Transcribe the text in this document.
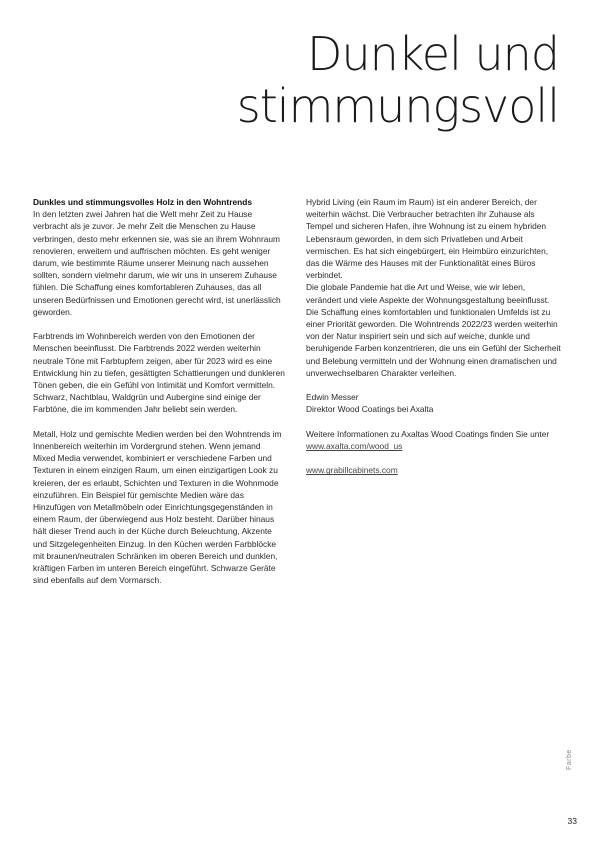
Dunkel und
stimmungsvoll

Dunkles und stimmungsvolles Holz in den Wohntrends

In den letzten zwei Jahren hat die Welt mehr Zeit zu Hause verbracht als je zuvor. Je mehr Zeit die Menschen zu Hause verbringen, desto mehr erkennen sie, was sie an ihrem Wohnraum renovieren, erweitern und auffrischen möchten. Es geht weniger darum, wie bestimmte Räume unserer Meinung nach aussehen sollten, sondern vielmehr darum, wie wir uns in unserem Zuhause fühlen. Die Schaffung eines komfortableren Zuhauses, das all unseren Bedürfnissen und Emotionen gerecht wird, ist unerlässlich geworden.

Farbtrends im Wohnbereich werden von den Emotionen der Menschen beeinflusst. Die Farbtrends 2022 werden weiterhin neutrale Töne mit Farbtupfern zeigen, aber für 2023 wird es eine Entwicklung hin zu tiefen, gesättigten Schattierungen und dunkleren Tönen geben, die ein Gefühl von Intimität und Komfort vermitteln. Schwarz, Nachtblau, Waldgrün und Aubergine sind einige der Farbtöne, die im kommenden Jahr beliebt sein werden.

Metall, Holz und gemischte Medien werden bei den Wohntrends im Innenbereich weiterhin im Vordergrund stehen. Wenn jemand Mixed Media verwendet, kombiniert er verschiedene Farben und Texturen in einem einzigen Raum, um einen einzigartigen Look zu kreieren, der es erlaubt, Schichten und Texturen in die Wohnmode einzuführen. Ein Beispiel für gemischte Medien wäre das Hinzufügen von Metallmöbeln oder Einrichtungsgegenständen in einem Raum, der überwiegend aus Holz besteht. Darüber hinaus hält dieser Trend auch in der Küche durch Beleuchtung, Akzente und Sitzgelegenheiten Einzug. In den Küchen werden Farbblöcke mit braunen/neutralen Schränken im oberen Bereich und dunklen, kräftigen Farben im unteren Bereich eingeführt. Schwarze Geräte sind ebenfalls auf dem Vormarsch.

Hybrid Living (ein Raum im Raum) ist ein anderer Bereich, der weiterhin wächst. Die Verbraucher betrachten ihr Zuhause als Tempel und sicheren Hafen, ihre Wohnung ist zu einem hybriden Lebensraum geworden, in dem sich Privatleben und Arbeit vermischen. Es hat sich eingebürgert, ein Heimbüro einzurichten, das die Wärme des Hauses mit der Funktionalität eines Büros verbindet.

Die globale Pandemie hat die Art und Weise, wie wir leben, verändert und viele Aspekte der Wohnungsgestaltung beeinflusst. Die Schaffung eines komfortablen und funktionalen Umfelds ist zu einer Priorität geworden. Die Wohntrends 2022/23 werden weiterhin von der Natur inspiriert sein und sich auf weiche, dunkle und beruhigende Farben konzentrieren, die uns ein Gefühl der Sicherheit und Belebung vermitteln und der Wohnung einen dramatischen und unverwechselbaren Charakter verleihen.

Edwin Messer
Direktor Wood Coatings bei Axalta

Weitere Informationen zu Axaltas Wood Coatings finden Sie unter www.axalta.com/wood_us

www.grabillcabinets.com

Farbe
33
